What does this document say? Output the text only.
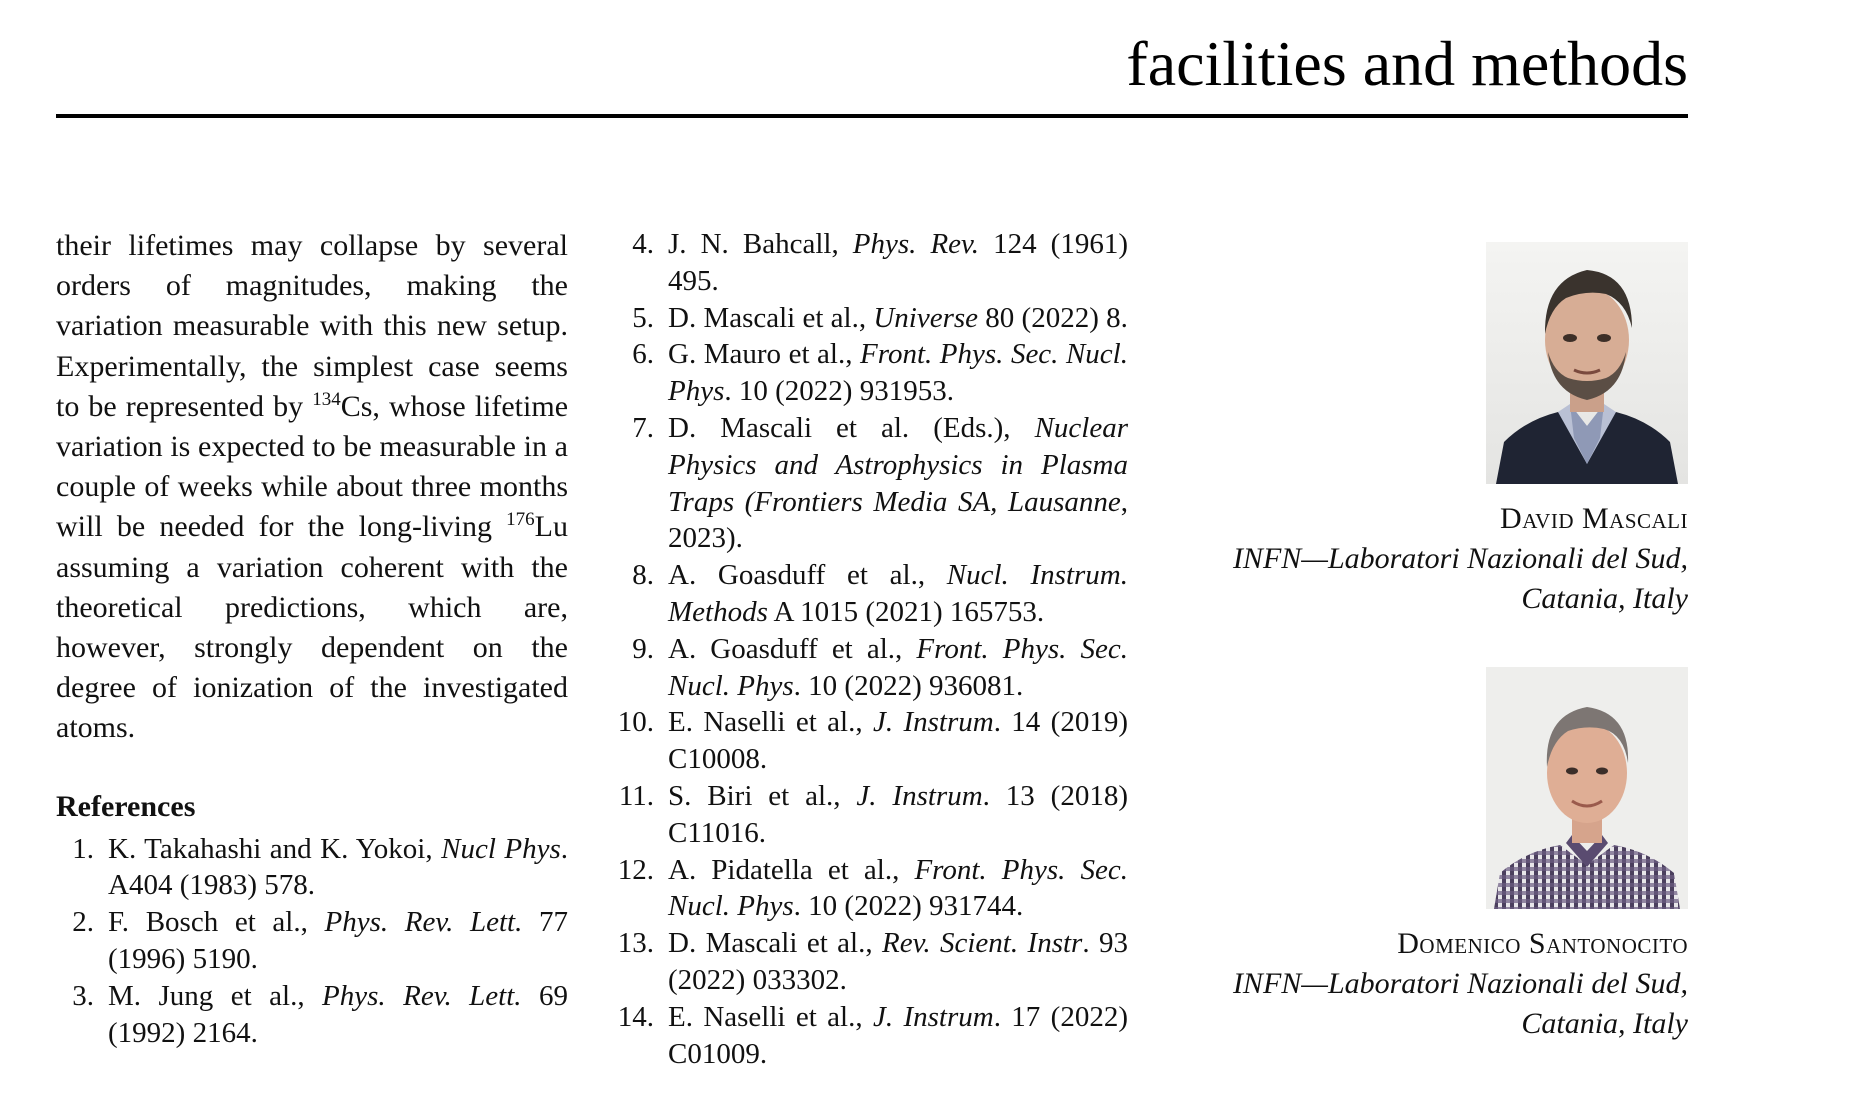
facilities and methods

their lifetimes may collapse by several orders of magnitudes, making the variation measurable with this new setup. Experimentally, the simplest case seems to be represented by $^{134}$Cs, whose lifetime variation is expected to be measurable in a couple of weeks while about three months will be needed for the long-living $^{176}$Lu assuming a variation coherent with the theoretical predictions, which are, however, strongly dependent on the degree of ionization of the investigated atoms.

References
1. K. Takahashi and K. Yokoi, Nucl Phys. A404 (1983) 578.
2. F. Bosch et al., Phys. Rev. Lett. 77 (1996) 5190.
3. M. Jung et al., Phys. Rev. Lett. 69 (1992) 2164.
4. J. N. Bahcall, Phys. Rev. 124 (1961) 495.
5. D. Mascali et al., Universe 80 (2022) 8.
6. G. Mauro et al., Front. Phys. Sec. Nucl. Phys. 10 (2022) 931953.
7. D. Mascali et al. (Eds.), Nuclear Physics and Astrophysics in Plasma Traps (Frontiers Media SA, Lausanne, 2023).
8. A. Goasduff et al., Nucl. Instrum. Methods A 1015 (2021) 165753.
9. A. Goasduff et al., Front. Phys. Sec. Nucl. Phys. 10 (2022) 936081.
10. E. Naselli et al., J. Instrum. 14 (2019) C10008.
11. S. Biri et al., J. Instrum. 13 (2018) C11016.
12. A. Pidatella et al., Front. Phys. Sec. Nucl. Phys. 10 (2022) 931744.
13. D. Mascali et al., Rev. Scient. Instr. 93 (2022) 033302.
14. E. Naselli et al., J. Instrum. 17 (2022) C01009.
David Mascali
INFN—Laboratori Nazionali del Sud,
Catania, Italy
Domenico Santonocito
INFN—Laboratori Nazionali del Sud,
Catania, Italy
